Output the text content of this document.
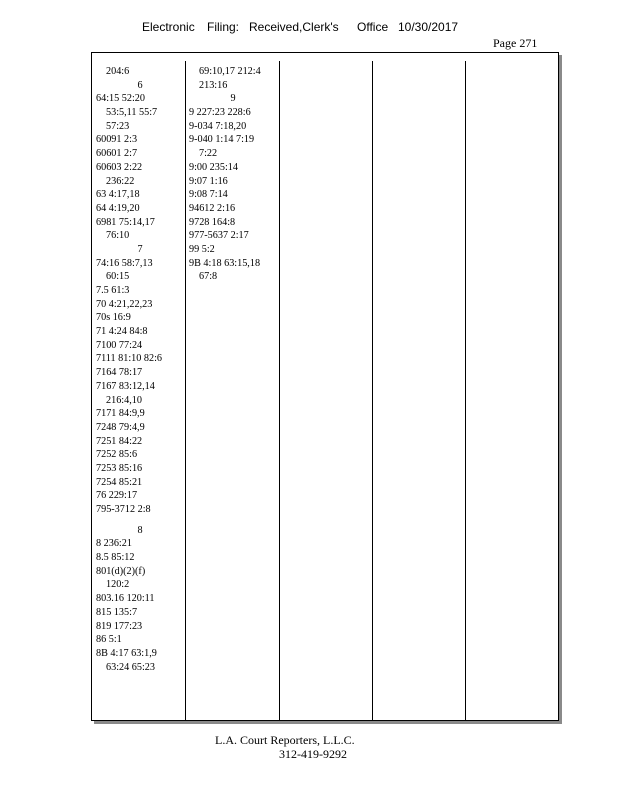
Electronic Filing: Received,Clerk's Office 10/30/2017
Page 271
204:6
6
64:15 52:20
53:5,11 55:7
57:23
60091 2:3
60601 2:7
60603 2:22
236:22
63 4:17,18
64 4:19,20
6981 75:14,17
76:10
7
74:16 58:7,13
60:15
7.5 61:3
70 4:21,22,23
70s 16:9
71 4:24 84:8
7100 77:24
7111 81:10 82:6
7164 78:17
7167 83:12,14
216:4,10
7171 84:9,9
7248 79:4,9
7251 84:22
7252 85:6
7253 85:16
7254 85:21
76 229:17
795-3712 2:8
8
8 236:21
8.5 85:12
801(d)(2)(f)
120:2
803.16 120:11
815 135:7
819 177:23
86 5:1
8B 4:17 63:1,9
63:24 65:23
69:10,17 212:4
213:16
9
9 227:23 228:6
9-034 7:18,20
9-040 1:14 7:19
7:22
9:00 235:14
9:07 1:16
9:08 7:14
94612 2:16
9728 164:8
977-5637 2:17
99 5:2
9B 4:18 63:15,18
67:8
L.A. Court Reporters, L.L.C.
312-419-9292
